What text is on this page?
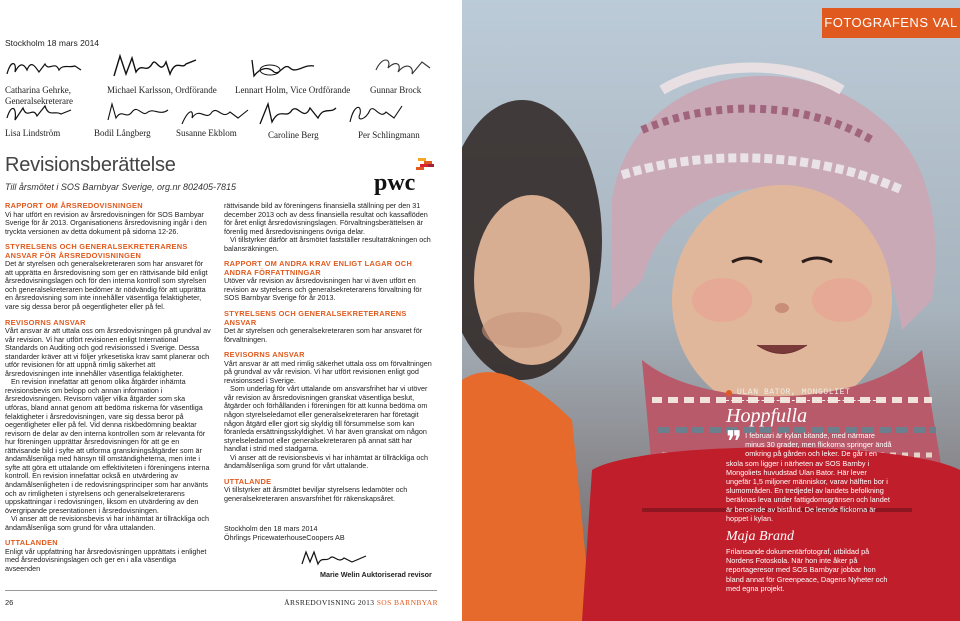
Stockholm 18 mars 2014
Catharina Gehrke,
Generalsekreterare
Michael Karlsson, Ordförande Lennart Holm, Vice Ordförande Gunnar Brock
Lisa Lindström	Bodil Långberg	Susanne Ekblom	Caroline Berg	Per Schlingmann
Revisionsberättelse
Till årsmötet i SOS Barnbyar Sverige, org.nr 802405-7815	pwc

RAPPORT OM ÅRSREDOVISNINGEN

Vi har utfört en revision av årsredovisningen för SOS Barnbyar Sverige för år 2013. Organisationens årsredovisning ingår i den tryckta versionen av detta dokument på sidorna 12-26.

STYRELSENS OCH GENERALSEKRETERARENS ANSVAR FÖR ÅRSREDOVISNINGEN

Det är styrelsen och generalsekreteraren som har ansvaret för att upprätta en årsredovisning som ger en rättvisande bild enligt årsredovisningslagen och för den interna kontroll som styrelsen och generalsekreteraren bedömer är nödvändig för att upprätta en årsredovisning som inte innehåller väsentliga felaktigheter, vare sig dessa beror på oegentligheter eller på fel.

REVISORNS ANSVAR

Vårt ansvar är att uttala oss om årsredovisningen på grundval av vår revision. Vi har utfört revisionen enligt International Standards on Auditing och god revisionssed i Sverige. Dessa standarder kräver att vi följer yrkesetiska krav samt planerar och utför revisionen för att uppnå rimlig säkerhet att årsredovisningen inte innehåller väsentliga felaktigheter.

En revision innefattar att genom olika åtgärder inhämta revisionsbevis om belopp och annan information i årsredovisningen. Revisorn väljer vilka åtgärder som ska utföras, bland annat genom att bedöma riskerna för väsentliga felaktigheter i årsredovisningen, vare sig dessa beror på oegentligheter eller på fel. Vid denna riskbedömning beaktar revisorn de delar av den interna kontrollen som är relevanta för hur föreningen upprättar årsredovisningen för att ge en rättvisande bild i syfte att utforma granskningsåtgärder som är ändamålsenliga med hänsyn till omständigheterna, men inte i syfte att göra ett uttalande om effektiviteten i föreningens interna kontroll. En revision innefattar också en utvärdering av ändamålsenligheten i de redovisningsprinciper som har använts och av rimligheten i styrelsens och generalsekreterarens uppskattningar i redovisningen, liksom en utvärdering av den övergripande presentationen i årsredovisningen.

Vi anser att de revisionsbevis vi har inhämtat är tillräckliga och ändamålsenliga som grund för våra uttalanden.

UTTALANDEN

Enligt vår uppfattning har årsredovisningen upprättats i enlighet med årsredovisningslagen och ger en i alla väsentliga avseenden

rättvisande bild av föreningens finansiella ställning per den 31 december 2013 och av dess finansiella resultat och kassaflöden för året enligt årsredovisningslagen. Förvaltningsberättelsen är förenlig med årsredovisningens övriga delar.

Vi tillstyrker därför att årsmötet fastställer resultaträkningen och balansräkningen.

RAPPORT OM ANDRA KRAV ENLIGT LAGAR OCH ANDRA FÖRFATTNINGAR

Utöver vår revision av årsredovisningen har vi även utfört en revision av styrelsens och generalsekreterarens förvaltning för SOS Barnbyar Sverige för år 2013.

STYRELSENS OCH GENERALSEKRETERARENS ANSVAR

Det är styrelsen och generalsekreteraren som har ansvaret för förvaltningen.

REVISORNS ANSVAR

Vårt ansvar är att med rimlig säkerhet uttala oss om förvaltningen på grundval av vår revision. Vi har utfört revisionen enligt god revisionssed i Sverige.

Som underlag för vårt uttalande om ansvarsfrihet har vi utöver vår revision av årsredovisningen granskat väsentliga beslut, åtgärder och förhållanden i föreningen för att kunna bedöma om någon styrelseledamot eller generalsekreteraren har företagit någon åtgärd eller gjort sig skyldig till försummelse som kan föranleda ersättningsskyldighet. Vi har även granskat om någon styrelseledamot eller generalsekreteraren på annat sätt har handlat i strid med stadgarna.

Vi anser att de revisionsbevis vi har inhämtat är tillräckliga och ändamålsenliga som grund för vårt uttalande.

UTTALANDE

Vi tillstyrker att årsmötet beviljar styrelsens ledamöter och generalsekreteraren ansvarsfrihet för räkenskapsåret.

Stockholm den 18 mars 2014
Öhrlings PricewaterhouseCoopers AB
Marie Welin Auktoriserad revisor
26	ÅRSREDOVISNING 2013 SOS BARNBYAR
FOTOGRAFENS VAL
ULAN BATOR, MONGOLIET
Hoppfulla
❞ I februari är kylan bitande, med närmare minus 30 grader, men flickorna springer ändå omkring på gården och leker. De går i en skola som ligger i närheten av SOS Barnby i Mongoliets huvudstad Ulan Bator. Här lever ungefär 1,5 miljoner människor, varav hälften bor i slumområden. En tredjedel av landets befolkning beräknas leva under fattigdomsgränsen och landet är beroende av bistånd. De leende flickorna är hoppet i kylan.
Maja Brand
Frilansande dokumentärfotograf, utbildad på Nordens Fotoskola. När hon inte åker på reportageresor med SOS Barnbyar jobbar hon bland annat för Greenpeace, Dagens Nyheter och med egna projekt.
